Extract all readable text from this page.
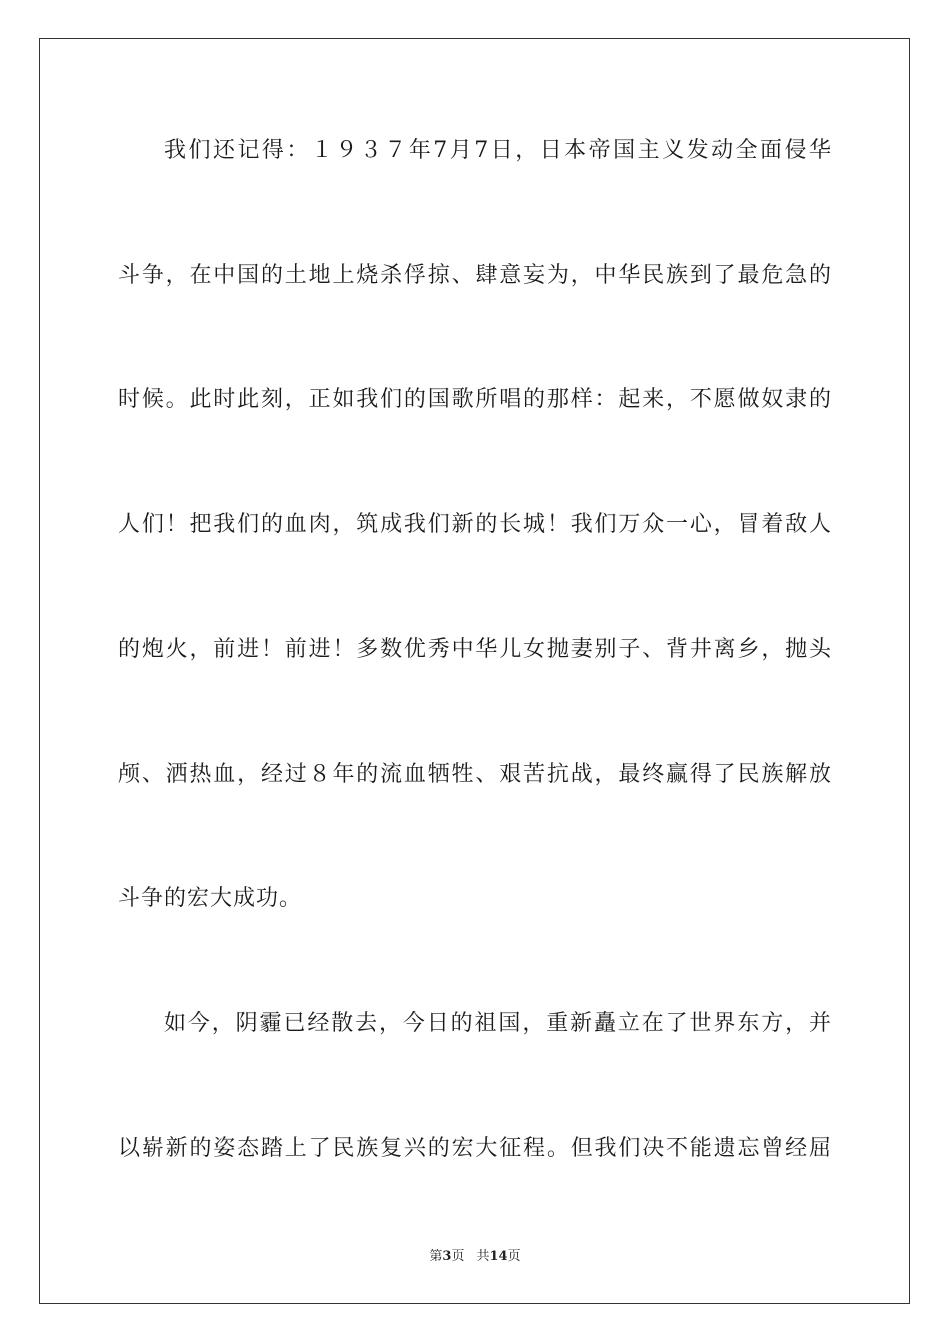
我们还记得：１９３７年7月7日，日本帝国主义发动全面侵华
斗争，在中国的土地上烧杀俘掠、肆意妄为，中华民族到了最危急的
时候。此时此刻，正如我们的国歌所唱的那样：起来，不愿做奴隶的
人们！把我们的血肉，筑成我们新的长城！我们万众一心，冒着敌人
的炮火，前进！前进！多数优秀中华儿女抛妻别子、背井离乡，抛头
颅、洒热血，经过８年的流血牺牲、艰苦抗战，最终赢得了民族解放
斗争的宏大成功。
如今，阴霾已经散去，今日的祖国，重新矗立在了世界东方，并
以崭新的姿态踏上了民族复兴的宏大征程。但我们决不能遗忘曾经屈
第3页 共14页
